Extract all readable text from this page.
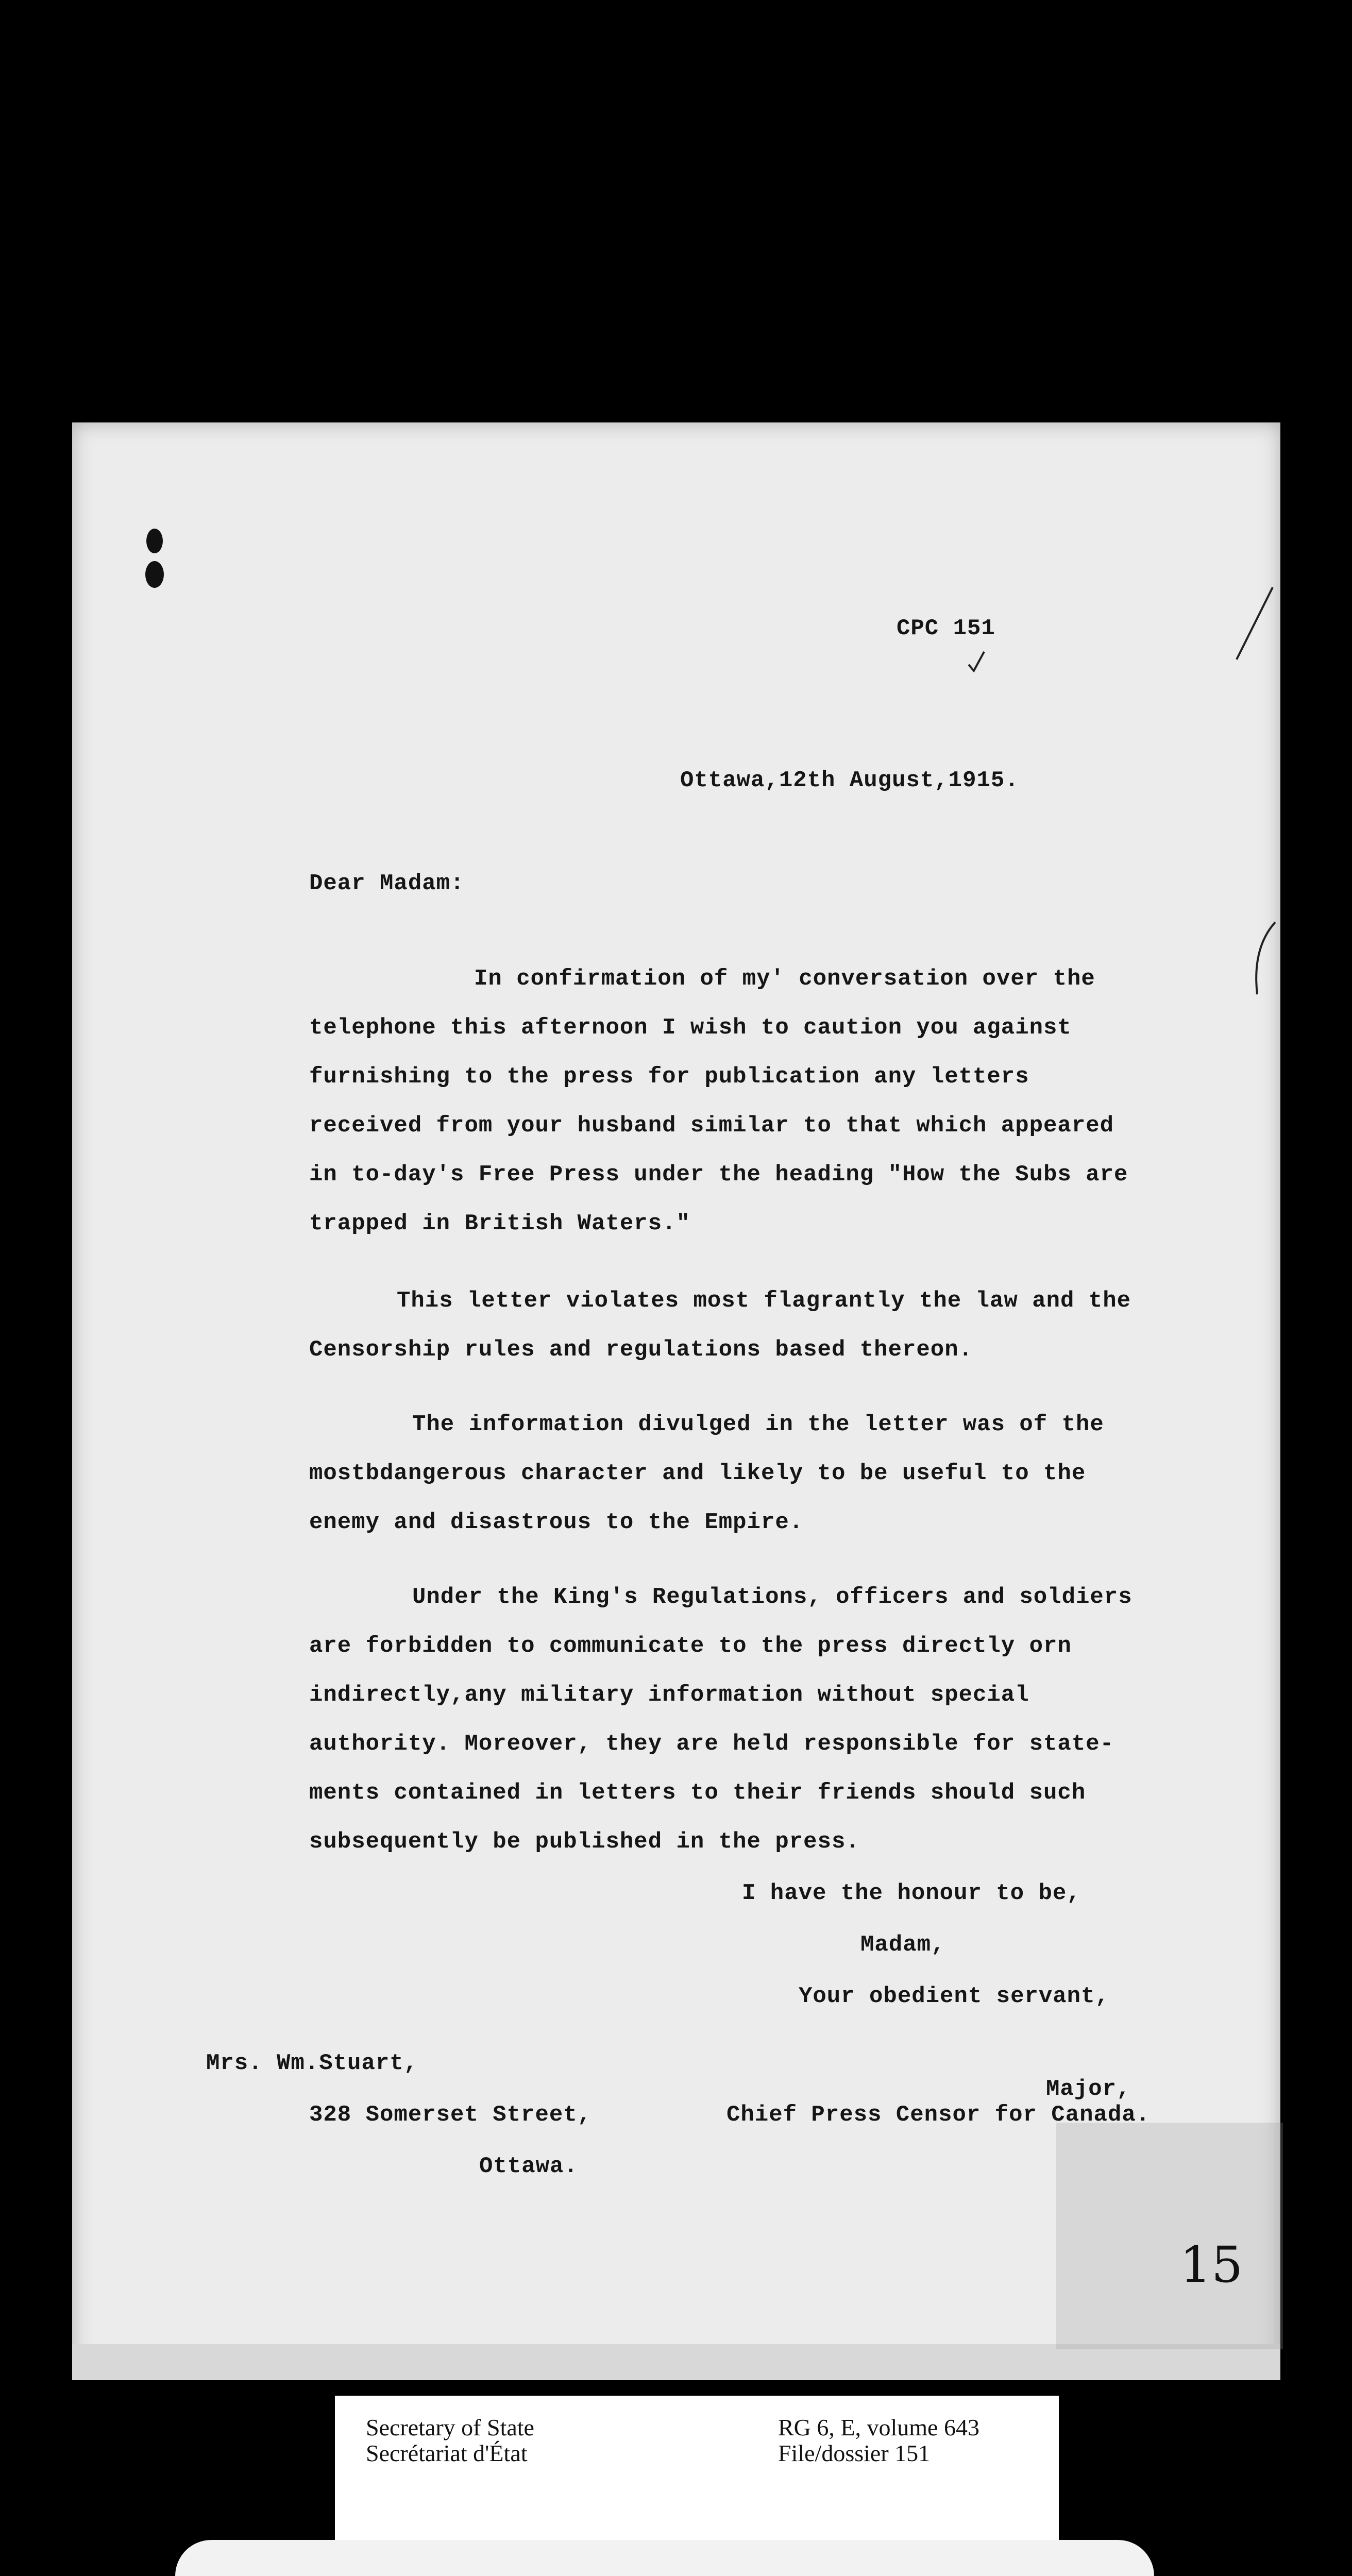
CPC 151
Ottawa,12th August,1915.
Dear Madam:
In confirmation of my' conversation over the
telephone this afternoon I wish to caution you against
furnishing to the press for publication any letters
received from your husband similar to that which appeared
in to-day's Free Press under the heading "How the Subs are
trapped in British Waters."
This letter violates most flagrantly the law and the
Censorship rules and regulations based thereon.
The information divulged in the letter was of the
mostbdangerous character and likely to be useful to the
enemy and disastrous to the Empire.
Under the King's Regulations, officers and soldiers
are forbidden to communicate to the press directly orn
indirectly,any military information without special
authority. Moreover, they are held responsible for state-
ments contained in letters to their friends should such
subsequently be published in the press.
I have the honour to be,
Madam,
Your obedient servant,
Mrs. Wm.Stuart,
328 Somerset Street,
Ottawa.
Major,
Chief Press Censor for Canada.
15
Secretary of State
Secrétariat d'État
RG 6, E, volume 643
File/dossier 151
